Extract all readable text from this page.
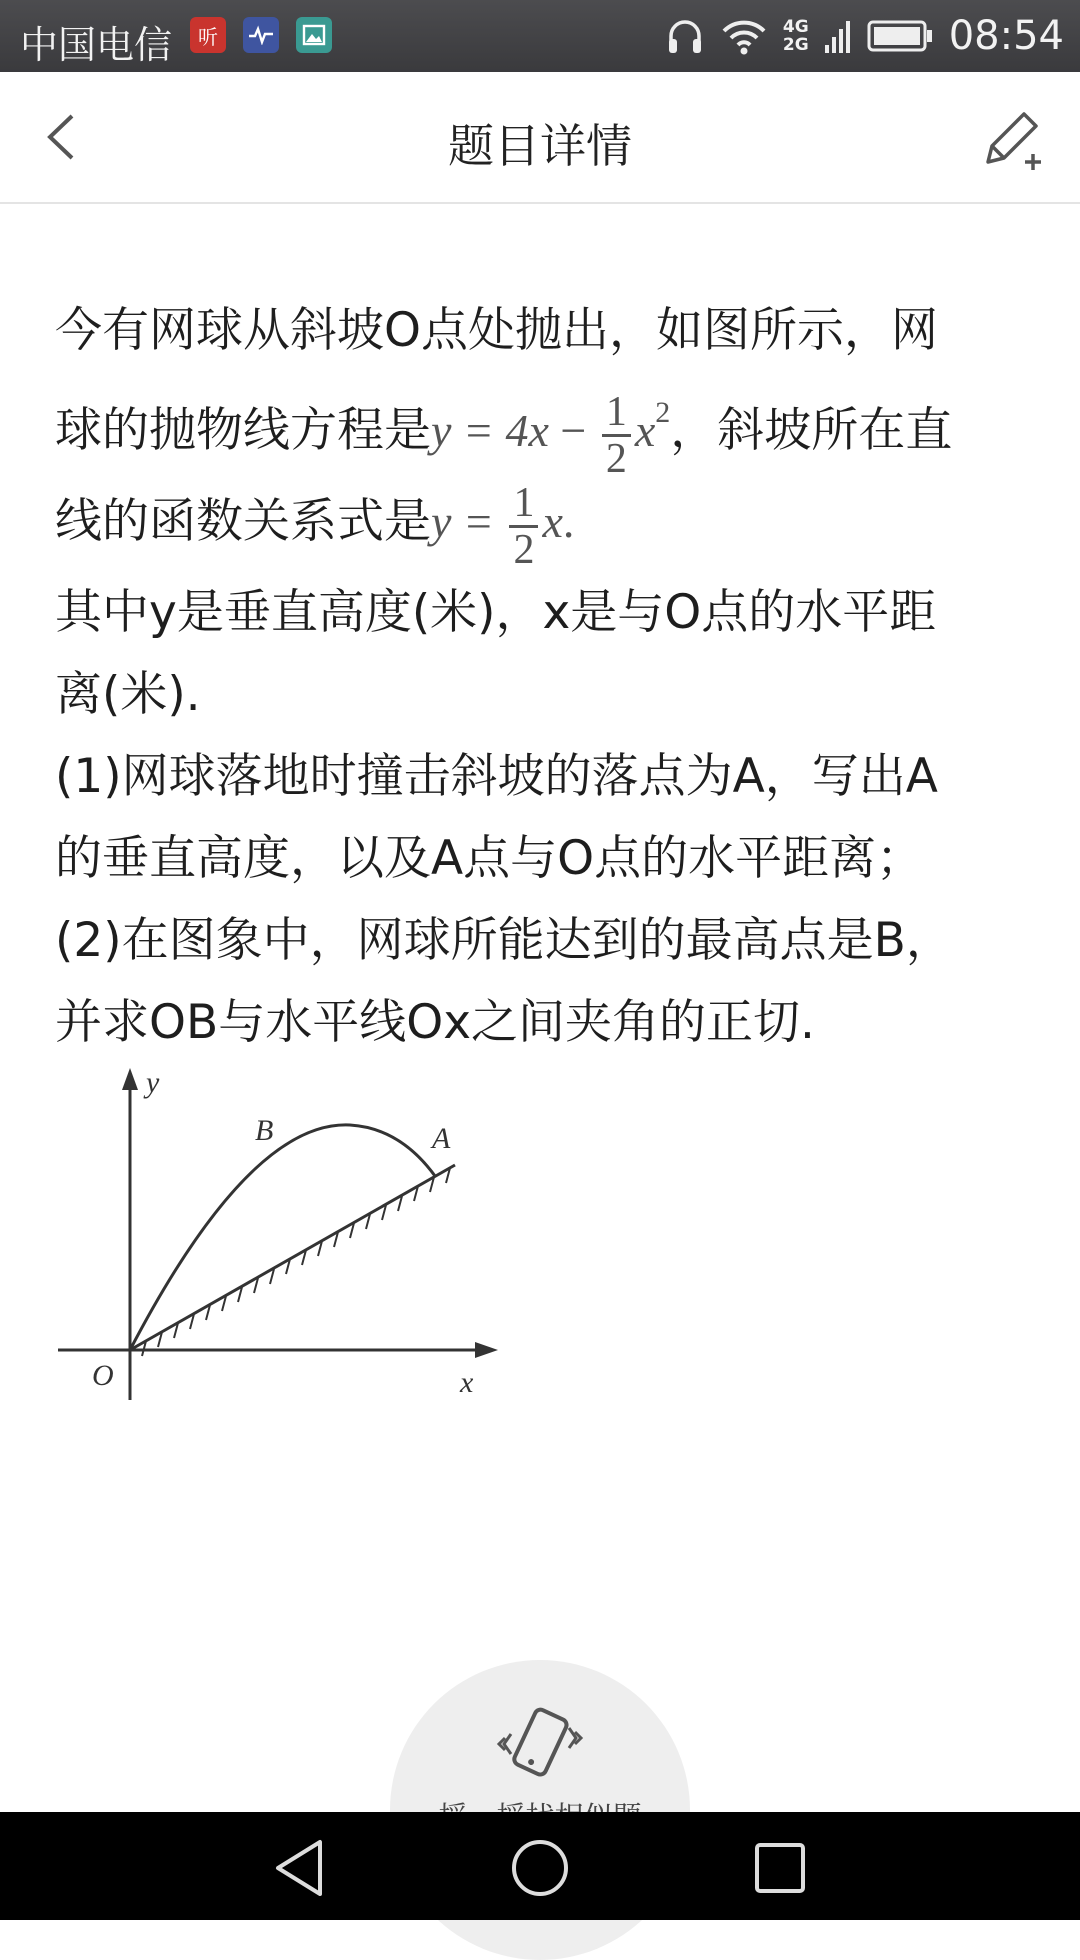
中国电信	听	4G
2G	08:54
题目详情

今有网球从斜坡O点处抛出，如图所示，网

球的抛物线方程是$y = 4x - \frac{1}{2} x^2$，斜坡所在直

线的函数关系式是$y = \frac{1}{2} x$.

其中y是垂直高度(米)，x是与O点的水平距

离(米).

(1)网球落地时撞击斜坡的落点为A，写出A

的垂直高度，以及A点与O点的水平距离；

(2)在图象中，网球所能达到的最高点是B，

并求OB与水平线Ox之间夹角的正切.

y
x
O
A
B
